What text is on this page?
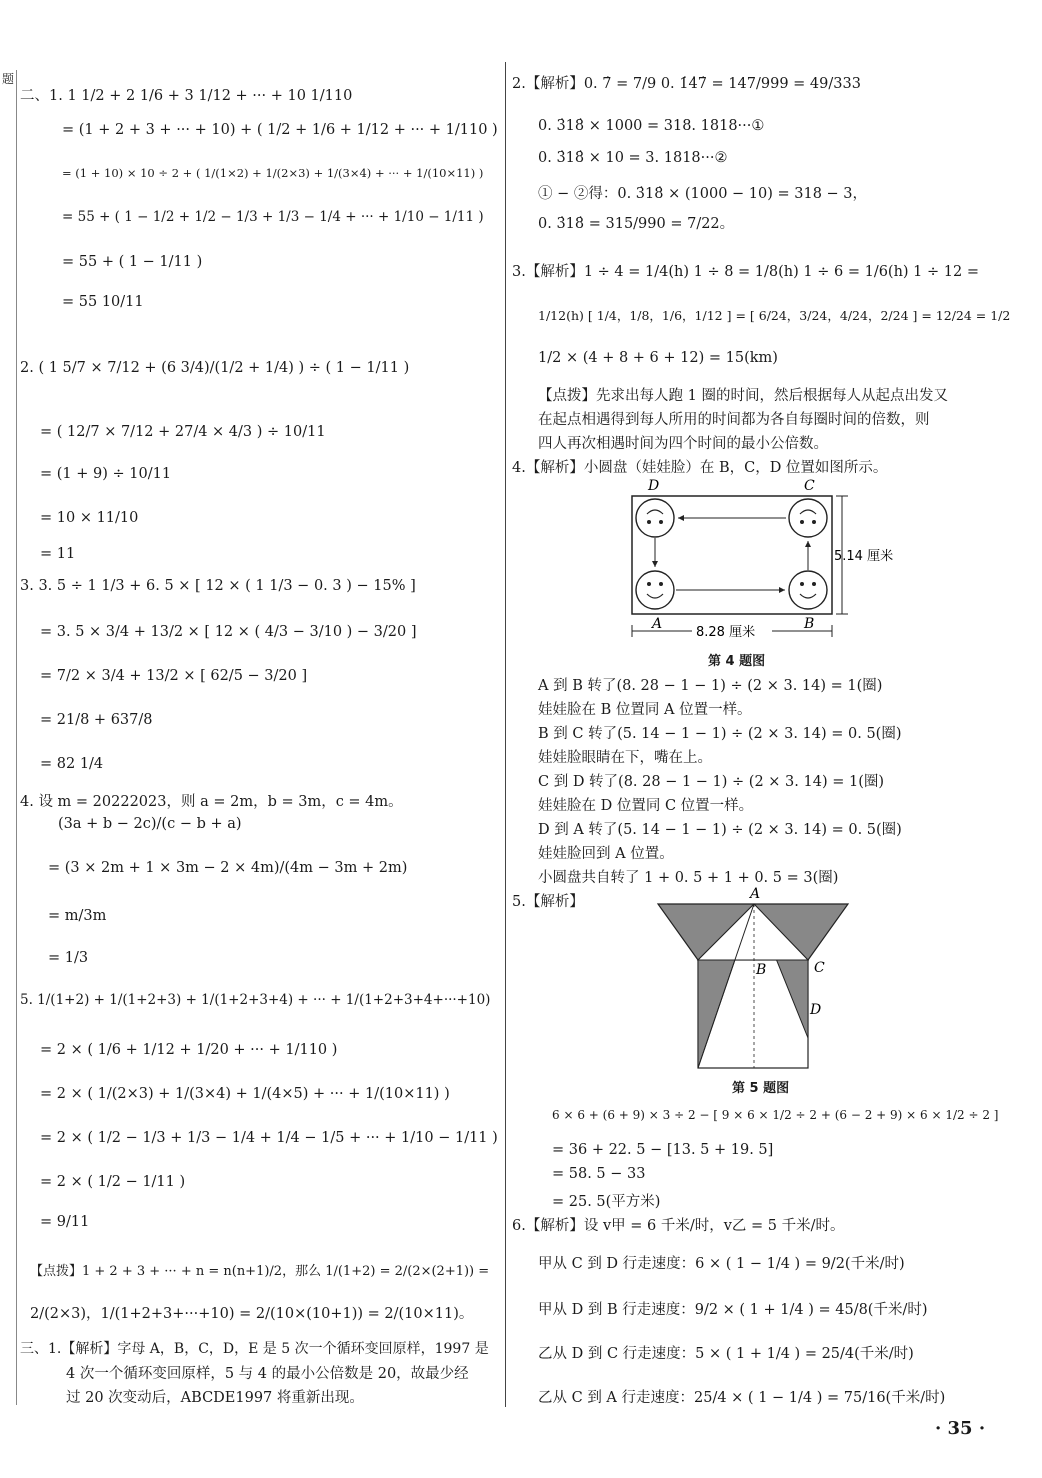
题
二、1. 1 1/2 + 2 1/6 + 3 1/12 + ··· + 10 1/110
= (1 + 2 + 3 + ··· + 10) + ( 1/2 + 1/6 + 1/12 + ··· + 1/110 )
= (1 + 10) × 10 ÷ 2 + ( 1/(1×2) + 1/(2×3) + 1/(3×4) + ··· + 1/(10×11) )
= 55 + ( 1 − 1/2 + 1/2 − 1/3 + 1/3 − 1/4 + ··· + 1/10 − 1/11 )
= 55 + ( 1 − 1/11 )
= 55 10/11
2. ( 1 5/7 × 7/12 + (6 3/4)/(1/2 + 1/4) ) ÷ ( 1 − 1/11 )
= ( 12/7 × 7/12 + 27/4 × 4/3 ) ÷ 10/11
= (1 + 9) ÷ 10/11
= 10 × 11/10
= 11
3. 3. 5 ÷ 1 1/3 + 6. 5 × [ 12 × ( 1 1/3 − 0. 3 ) − 15% ]
= 3. 5 × 3/4 + 13/2 × [ 12 × ( 4/3 − 3/10 ) − 3/20 ]
= 7/2 × 3/4 + 13/2 × [ 62/5 − 3/20 ]
= 21/8 + 637/8
= 82 1/4
4. 设 m = 20222023，则 a = 2m，b = 3m，c = 4m。
(3a + b − 2c)/(c − b + a)
= (3 × 2m + 1 × 3m − 2 × 4m)/(4m − 3m + 2m)
= m/3m
= 1/3
5. 1/(1+2) + 1/(1+2+3) + 1/(1+2+3+4) + ··· + 1/(1+2+3+4+···+10)
= 2 × ( 1/6 + 1/12 + 1/20 + ··· + 1/110 )
= 2 × ( 1/(2×3) + 1/(3×4) + 1/(4×5) + ··· + 1/(10×11) )
= 2 × ( 1/2 − 1/3 + 1/3 − 1/4 + 1/4 − 1/5 + ··· + 1/10 − 1/11 )
= 2 × ( 1/2 − 1/11 )
= 9/11
【点拨】1 + 2 + 3 + ··· + n = n(n+1)/2，那么 1/(1+2) = 2/(2×(2+1)) =
2/(2×3)，1/(1+2+3+···+10) = 2/(10×(10+1)) = 2/(10×11)。
三、1.【解析】字母 A，B，C，D，E 是 5 次一个循环变回原样，1997 是
4 次一个循环变回原样，5 与 4 的最小公倍数是 20，故最少经
过 20 次变动后，ABCDE1997 将重新出现。
2.【解析】0. 7̇ = 7/9 0. 1̇4̇7̇ = 147/999 = 49/333
0. 3̇18̇ × 1000 = 318. 1818···①
0. 3̇18̇ × 10 = 3. 1818···②
① − ②得：0. 3̇18̇ × (1000 − 10) = 318 − 3，
0. 3̇18̇ = 315/990 = 7/22。
3.【解析】1 ÷ 4 = 1/4(h) 1 ÷ 8 = 1/8(h) 1 ÷ 6 = 1/6(h) 1 ÷ 12 =
1/12(h) [ 1/4，1/8，1/6，1/12 ] = [ 6/24，3/24，4/24，2/24 ] = 12/24 = 1/2
1/2 × (4 + 8 + 6 + 12) = 15(km)
【点拨】先求出每人跑 1 圈的时间，然后根据每人从起点出发又
在起点相遇得到每人所用的时间都为各自每圈时间的倍数，则
四人再次相遇时间为四个时间的最小公倍数。
4.【解析】小圆盘（娃娃脸）在 B，C，D 位置如图所示。
A 到 B 转了(8. 28 − 1 − 1) ÷ (2 × 3. 14) = 1(圈)
娃娃脸在 B 位置同 A 位置一样。
B 到 C 转了(5. 14 − 1 − 1) ÷ (2 × 3. 14) = 0. 5(圈)
娃娃脸眼睛在下，嘴在上。
C 到 D 转了(8. 28 − 1 − 1) ÷ (2 × 3. 14) = 1(圈)
娃娃脸在 D 位置同 C 位置一样。
D 到 A 转了(5. 14 − 1 − 1) ÷ (2 × 3. 14) = 0. 5(圈)
娃娃脸回到 A 位置。
小圆盘共自转了 1 + 0. 5 + 1 + 0. 5 = 3(圈)
5.【解析】
6 × 6 + (6 + 9) × 3 ÷ 2 − [ 9 × 6 × 1/2 ÷ 2 + (6 − 2 + 9) × 6 × 1/2 ÷ 2 ]
= 36 + 22. 5 − [13. 5 + 19. 5]
= 58. 5 − 33
= 25. 5(平方米)
6.【解析】设 v甲 = 6 千米/时，v乙 = 5 千米/时。
甲从 C 到 D 行走速度：6 × ( 1 − 1/4 ) = 9/2(千米/时)
甲从 D 到 B 行走速度：9/2 × ( 1 + 1/4 ) = 45/8(千米/时)
乙从 D 到 C 行走速度：5 × ( 1 + 1/4 ) = 25/4(千米/时)
乙从 C 到 A 行走速度：25/4 × ( 1 − 1/4 ) = 75/16(千米/时)
D	C
5.14 厘米
A	B
8.28 厘米
第 4 题图
A
B	C
D
第 5 题图
· 35 ·
